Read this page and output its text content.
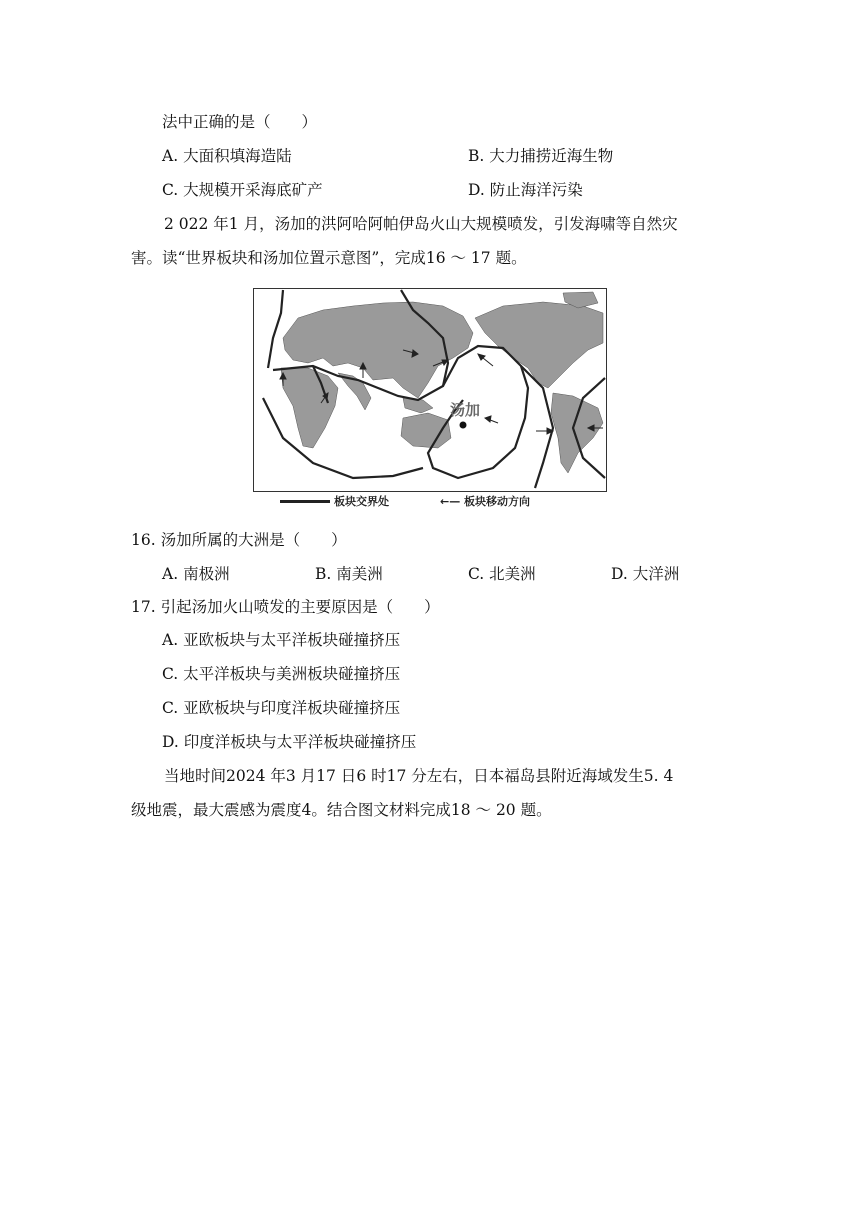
法中正确的是（　　）
A. 大面积填海造陆	B. 大力捕捞近海生物
C. 大规模开采海底矿产	D. 防止海洋污染
2 022 年1 月，汤加的洪阿哈阿帕伊岛火山大规模喷发，引发海啸等自然灾
害。读“世界板块和汤加位置示意图”，完成16 ～ 17 题。
汤加
板块交界处	←— 板块移动方向
16. 汤加所属的大洲是（　　）
A. 南极洲	B. 南美洲	C. 北美洲	D. 大洋洲
17. 引起汤加火山喷发的主要原因是（　　）
A. 亚欧板块与太平洋板块碰撞挤压
C. 太平洋板块与美洲板块碰撞挤压
C. 亚欧板块与印度洋板块碰撞挤压
D. 印度洋板块与太平洋板块碰撞挤压
当地时间2024 年3 月17 日6 时17 分左右，日本福岛县附近海域发生5. 4
级地震，最大震感为震度4。结合图文材料完成18 ～ 20 题。
